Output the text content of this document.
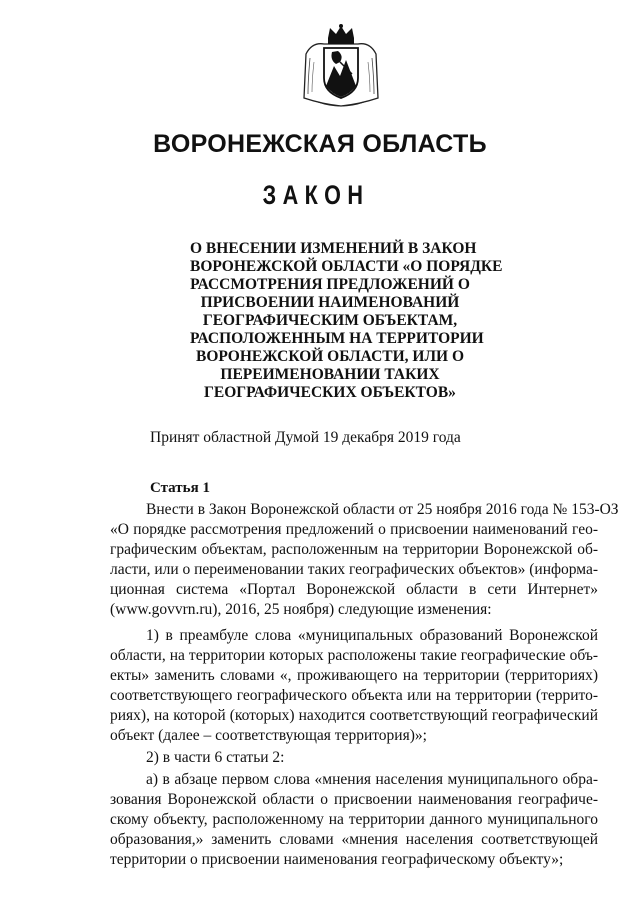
ВОРОНЕЖСКАЯ ОБЛАСТЬ
ЗАКОН
О ВНЕСЕНИИ ИЗМЕНЕНИЙ В ЗАКОН
ВОРОНЕЖСКОЙ ОБЛАСТИ «О ПОРЯДКЕ
РАССМОТРЕНИЯ ПРЕДЛОЖЕНИЙ О
ПРИСВОЕНИИ НАИМЕНОВАНИЙ
ГЕОГРАФИЧЕСКИМ ОБЪЕКТАМ,
РАСПОЛОЖЕННЫМ НА ТЕРРИТОРИИ
ВОРОНЕЖСКОЙ ОБЛАСТИ, ИЛИ О
ПЕРЕИМЕНОВАНИИ ТАКИХ
ГЕОГРАФИЧЕСКИХ ОБЪЕКТОВ»
Принят областной Думой 19 декабря 2019 года
Статья 1
Внести в Закон Воронежской области от 25 ноября 2016 года № 153-ОЗ
«О порядке рассмотрения предложений о присвоении наименований гео-
графическим объектам, расположенным на территории Воронежской об-
ласти, или о переименовании таких географических объектов» (информа-
ционная система «Портал Воронежской области в сети Интернет»
(www.govvrn.ru), 2016, 25 ноября) следующие изменения:
1) в преамбуле слова «муниципальных образований Воронежской
области, на территории которых расположены такие географические объ-
екты» заменить словами «, проживающего на территории (территориях)
соответствующего географического объекта или на территории (террито-
риях), на которой (которых) находится соответствующий географический
объект (далее – соответствующая территория)»;
2) в части 6 статьи 2:
а) в абзаце первом слова «мнения населения муниципального обра-
зования Воронежской области о присвоении наименования географиче-
скому объекту, расположенному на территории данного муниципального
образования,» заменить словами «мнения населения соответствующей
территории о присвоении наименования географическому объекту»;
